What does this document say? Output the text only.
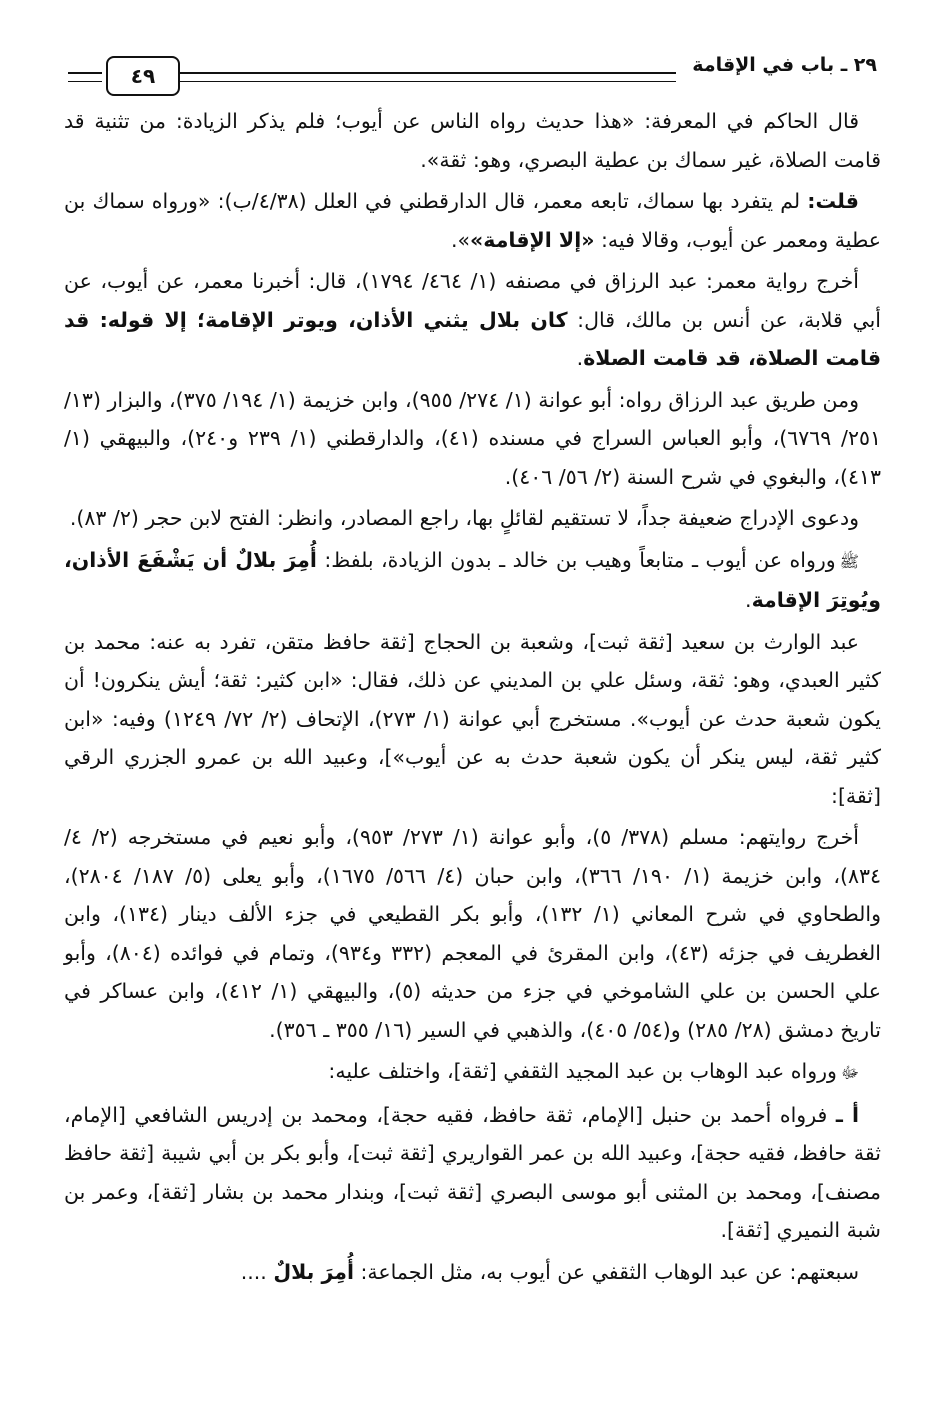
٢٩ ـ باب في الإقامة
٤٩

قال الحاكم في المعرفة: «هذا حديث رواه الناس عن أيوب؛ فلم يذكر الزيادة: من تثنية قد قامت الصلاة، غير سماك بن عطية البصري، وهو: ثقة».

قلت: لم يتفرد بها سماك، تابعه معمر، قال الدارقطني في العلل (٤/٣٨/ب): «ورواه سماك بن عطية ومعمر عن أيوب، وقالا فيه: «إلا الإقامة»».

أخرج رواية معمر: عبد الرزاق في مصنفه (١/ ٤٦٤/ ١٧٩٤)، قال: أخبرنا معمر، عن أيوب، عن أبي قلابة، عن أنس بن مالك، قال: كان بلال يثني الأذان، ويوتر الإقامة؛ إلا قوله: قد قامت الصلاة، قد قامت الصلاة.

ومن طريق عبد الرزاق رواه: أبو عوانة (١/ ٢٧٤/ ٩٥٥)، وابن خزيمة (١/ ١٩٤/ ٣٧٥)، والبزار (١٣/ ٢٥١/ ٦٧٦٩)، وأبو العباس السراج في مسنده (٤١)، والدارقطني (١/ ٢٣٩ و٢٤٠)، والبيهقي (١/ ٤١٣)، والبغوي في شرح السنة (٢/ ٥٦/ ٤٠٦).

ودعوى الإدراج ضعيفة جداً، لا تستقيم لقائلٍ بها، راجع المصادر، وانظر: الفتح لابن حجر (٢/ ٨٣).

ﷺورواه عن أيوب ـ متابعاً وهيب بن خالد ـ بدون الزيادة، بلفظ: أُمِرَ بلالٌ أن يَشْفَعَ الأذان، ويُوتِرَ الإقامة.

عبد الوارث بن سعيد [ثقة ثبت]، وشعبة بن الحجاج [ثقة حافظ متقن، تفرد به عنه: محمد بن كثير العبدي، وهو: ثقة، وسئل علي بن المديني عن ذلك، فقال: «ابن كثير: ثقة؛ أيش ينكرون! أن يكون شعبة حدث عن أيوب». مستخرج أبي عوانة (١/ ٢٧٣)، الإتحاف (٢/ ٧٢/ ١٢٤٩) وفيه: «ابن كثير ثقة، ليس ينكر أن يكون شعبة حدث به عن أيوب»]، وعبيد الله بن عمرو الجزري الرقي [ثقة]:

أخرج روايتهم: مسلم (٣٧٨/ ٥)، وأبو عوانة (١/ ٢٧٣/ ٩٥٣)، وأبو نعيم في مستخرجه (٢/ ٤/ ٨٣٤)، وابن خزيمة (١/ ١٩٠/ ٣٦٦)، وابن حبان (٤/ ٥٦٦/ ١٦٧٥)، وأبو يعلى (٥/ ١٨٧/ ٢٨٠٤)، والطحاوي في شرح المعاني (١/ ١٣٢)، وأبو بكر القطيعي في جزء الألف دينار (١٣٤)، وابن الغطريف في جزئه (٤٣)، وابن المقرئ في المعجم (٣٣٢ و٩٣٤)، وتمام في فوائده (٨٠٤)، وأبو علي الحسن بن علي الشاموخي في جزء من حديثه (٥)، والبيهقي (١/ ٤١٢)، وابن عساكر في تاريخ دمشق (٢٨/ ٢٨٥) و(٥٤/ ٤٠٥)، والذهبي في السير (١٦/ ٣٥٥ ـ ٣٥٦).

ﷻورواه عبد الوهاب بن عبد المجيد الثقفي [ثقة]، واختلف عليه:

أ ـ فرواه أحمد بن حنبل [الإمام، ثقة حافظ، فقيه حجة]، ومحمد بن إدريس الشافعي [الإمام، ثقة حافظ، فقيه حجة]، وعبيد الله بن عمر القواريري [ثقة ثبت]، وأبو بكر بن أبي شيبة [ثقة حافظ مصنف]، ومحمد بن المثنى أبو موسى البصري [ثقة ثبت]، وبندار محمد بن بشار [ثقة]، وعمر بن شبة النميري [ثقة].

سبعتهم: عن عبد الوهاب الثقفي عن أيوب به، مثل الجماعة: أُمِرَ بلالٌ ....
